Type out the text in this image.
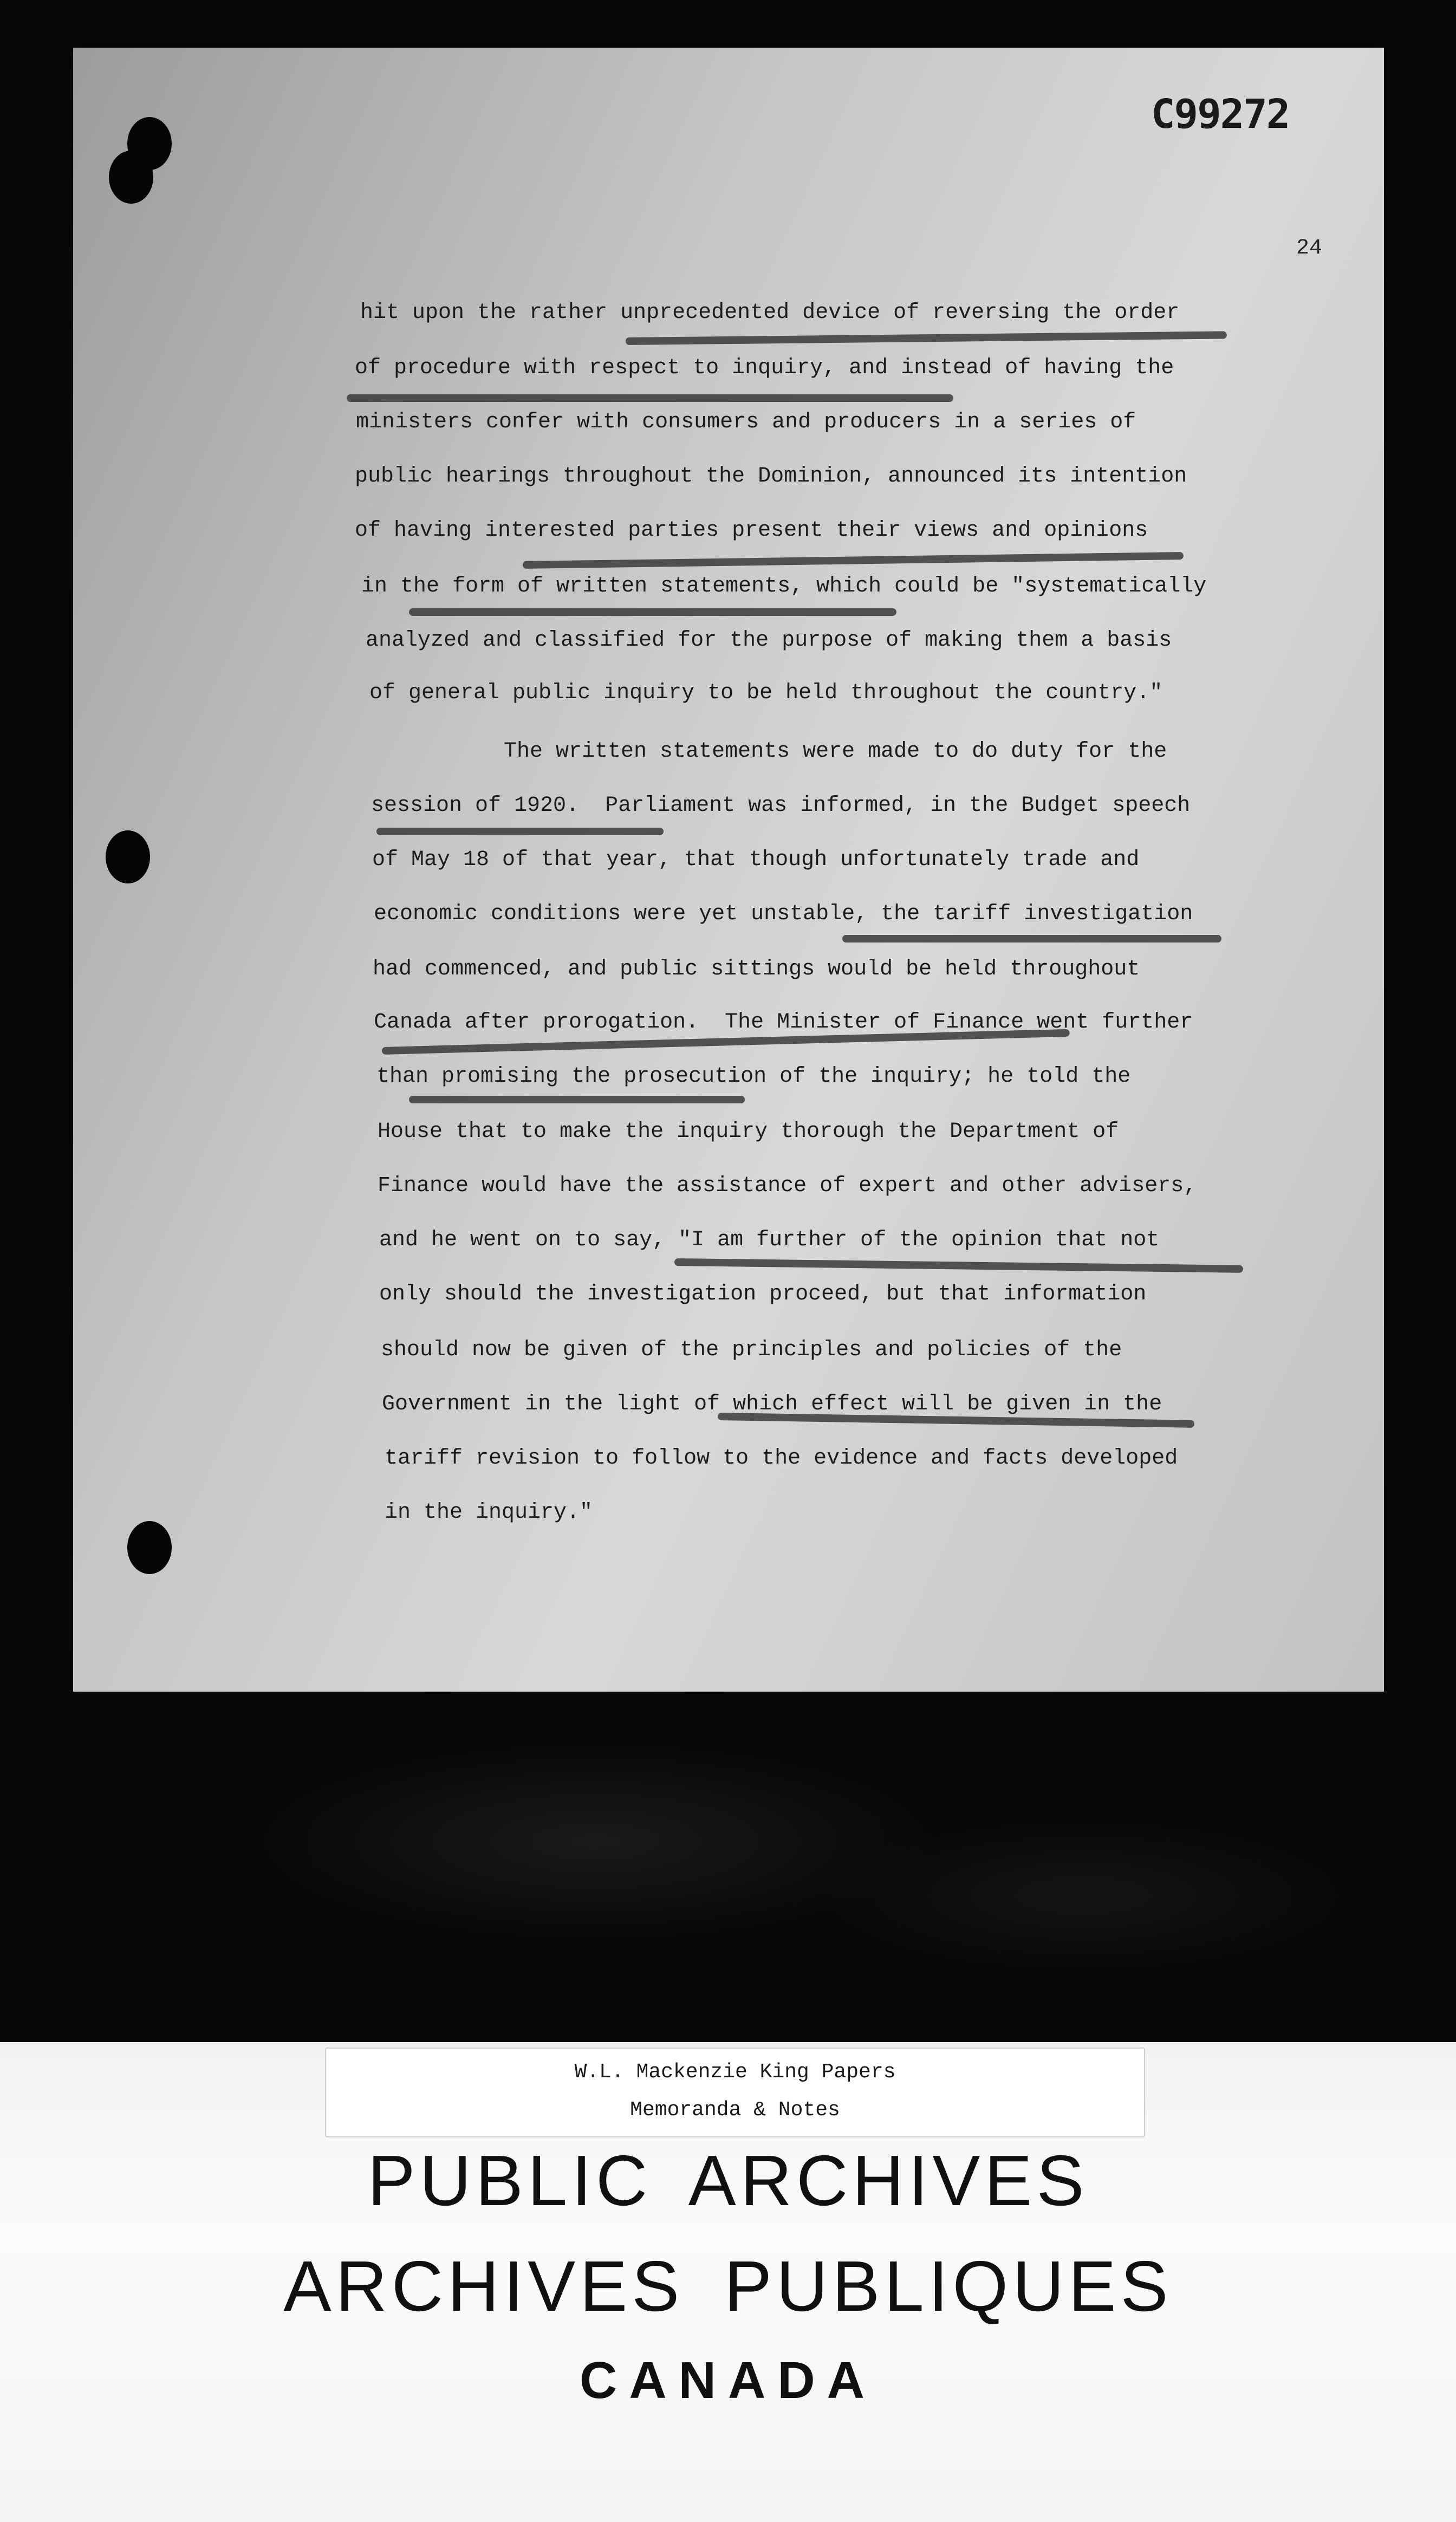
C99272
24
hit upon the rather unprecedented device of reversing the order
of procedure with respect to inquiry, and instead of having the
ministers confer with consumers and producers in a series of
public hearings throughout the Dominion, announced its intention
of having interested parties present their views and opinions
in the form of written statements, which could be "systematically
analyzed and classified for the purpose of making them a basis
of general public inquiry to be held throughout the country."
The written statements were made to do duty for the
session of 1920.  Parliament was informed, in the Budget speech
of May 18 of that year, that though unfortunately trade and
economic conditions were yet unstable, the tariff investigation
had commenced, and public sittings would be held throughout
Canada after prorogation.  The Minister of Finance went further
than promising the prosecution of the inquiry; he told the
House that to make the inquiry thorough the Department of
Finance would have the assistance of expert and other advisers,
and he went on to say, "I am further of the opinion that not
only should the investigation proceed, but that information
should now be given of the principles and policies of the
Government in the light of which effect will be given in the
tariff revision to follow to the evidence and facts developed
in the inquiry."
PUBLIC ARCHIVES
ARCHIVES PUBLIQUES
CANADA
W.L. Mackenzie King Papers
Memoranda & Notes
